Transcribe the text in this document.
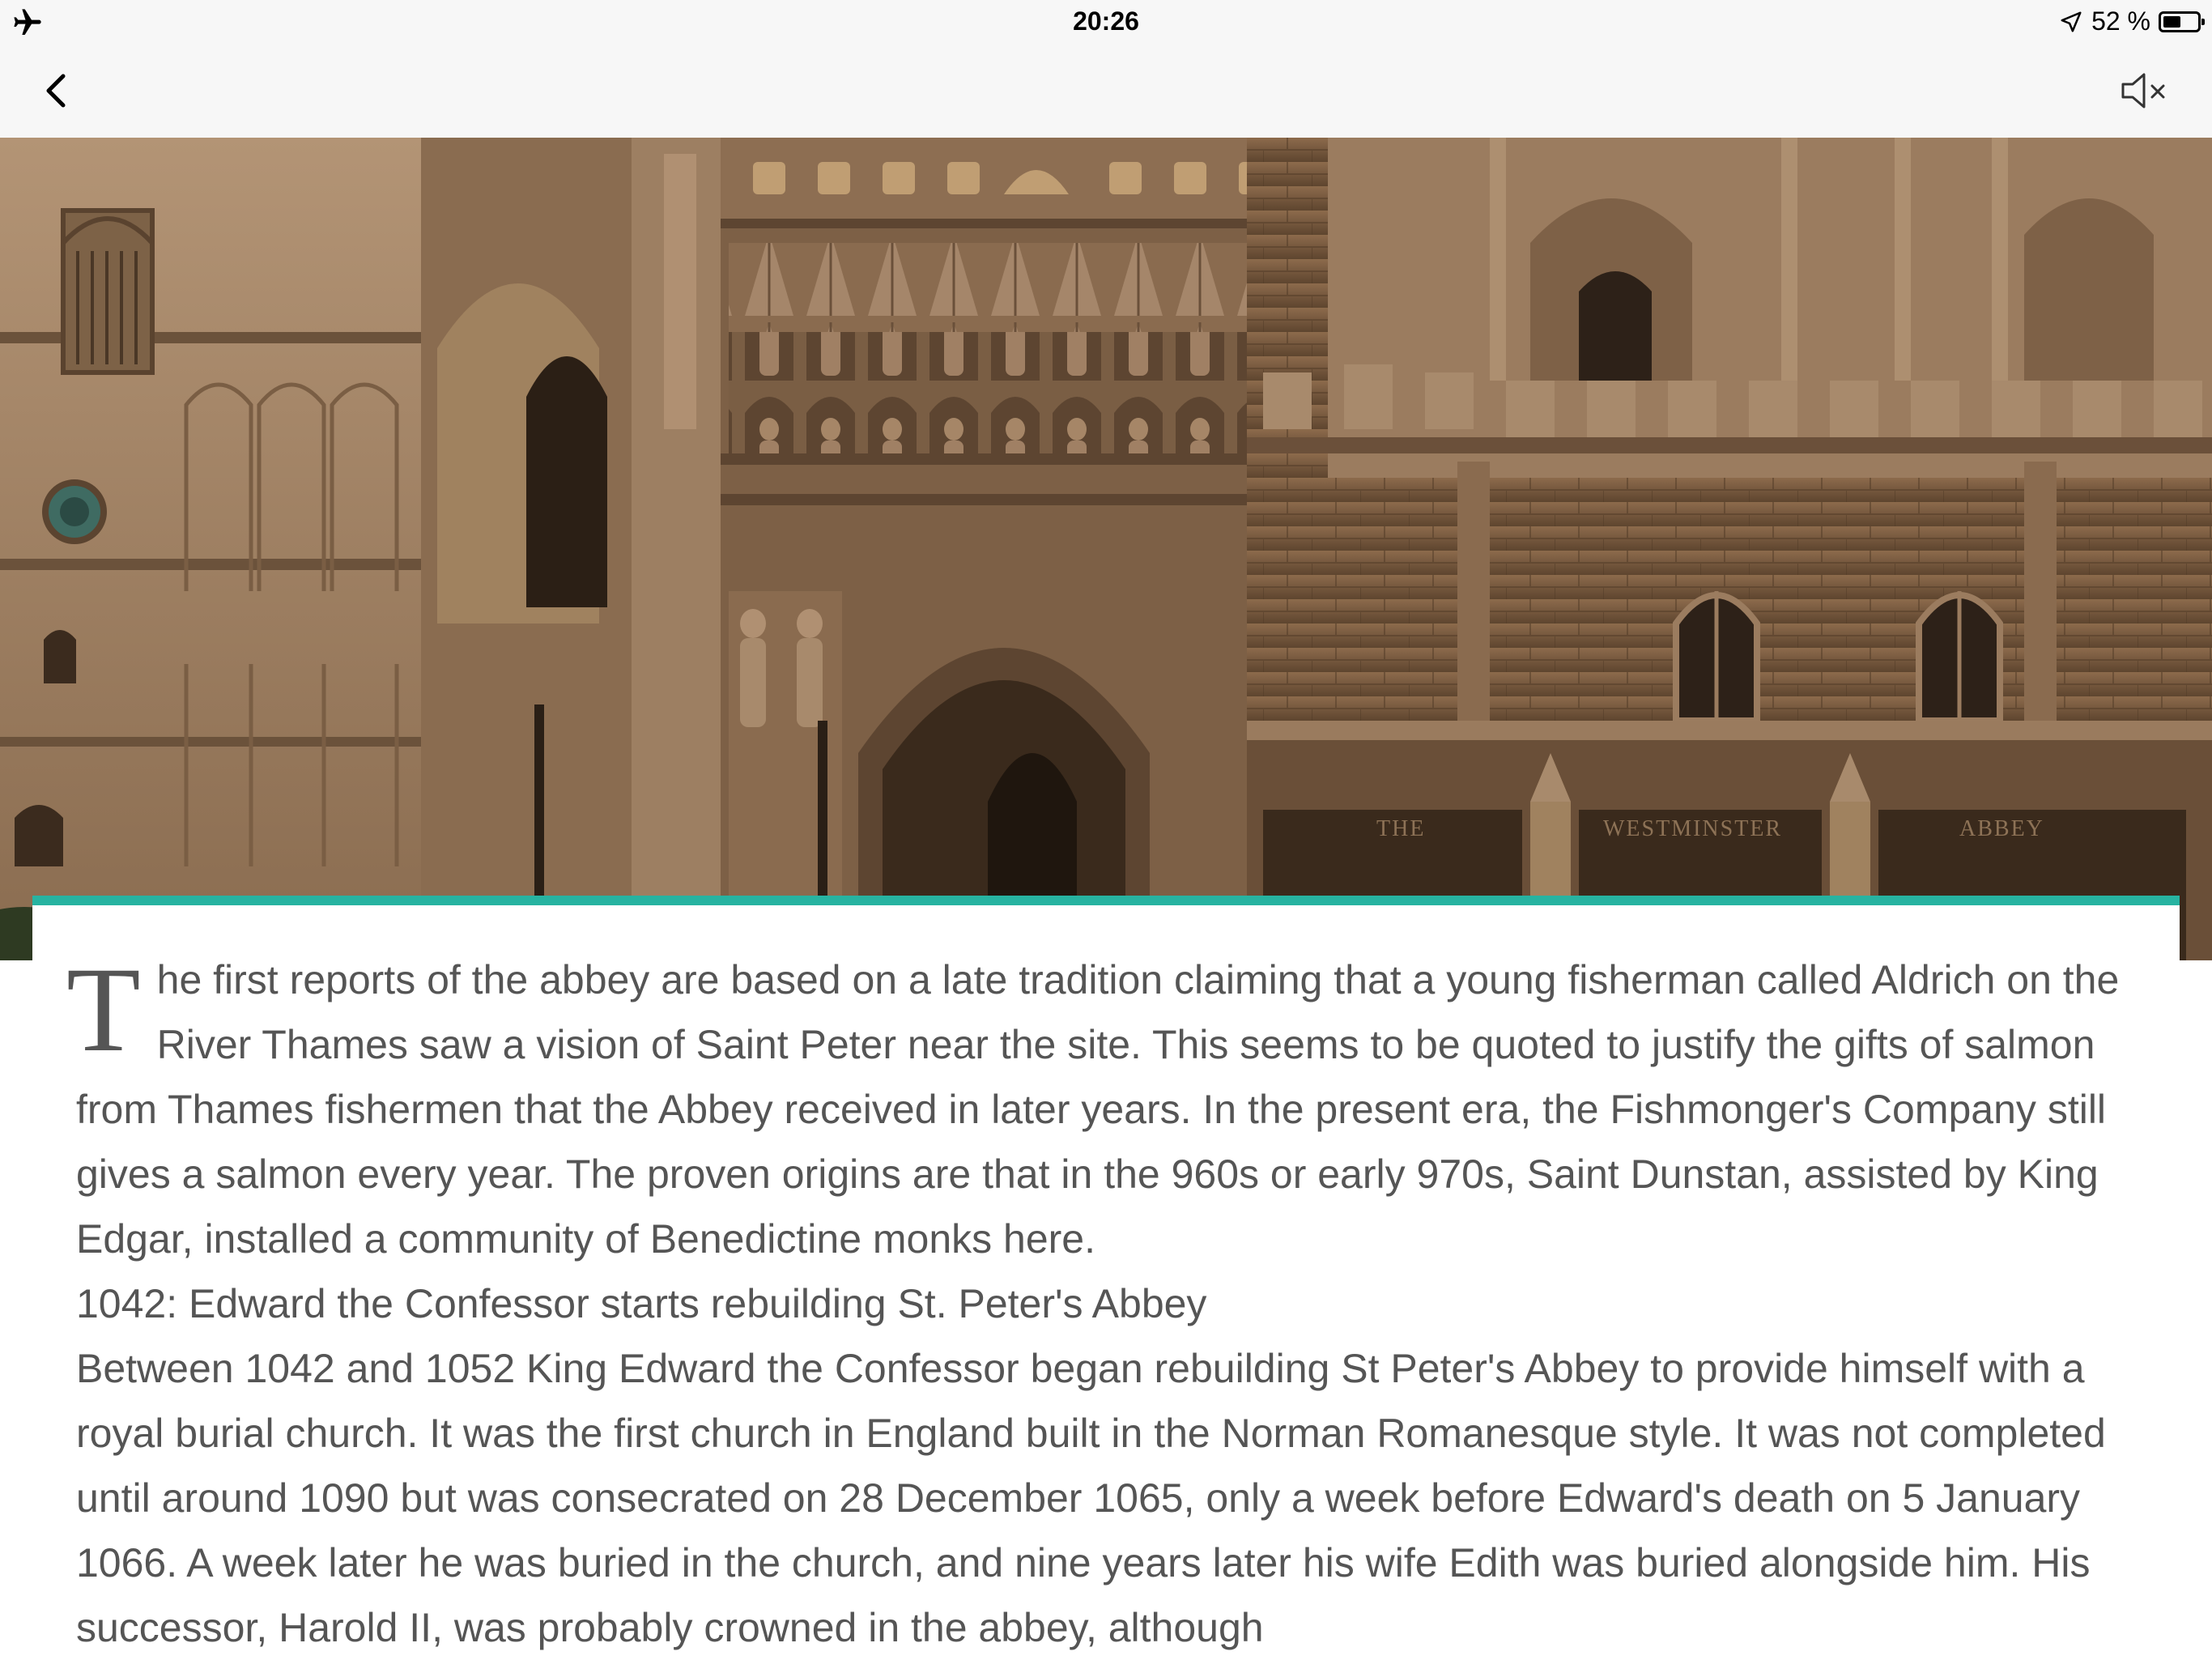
20:26	52 %
THE	WESTMINSTER	ABBEY

The first reports of the abbey are based on a late tradition claiming that a young fisherman called Aldrich on the River Thames saw a vision of Saint Peter near the site. This seems to be quoted to justify the gifts of salmon from Thames fishermen that the Abbey received in later years. In the present era, the Fishmonger's Company still gives a salmon every year. The proven origins are that in the 960s or early 970s, Saint Dunstan, assisted by King Edgar, installed a community of Benedictine monks here.

1042: Edward the Confessor starts rebuilding St. Peter's Abbey

Between 1042 and 1052 King Edward the Confessor began rebuilding St Peter's Abbey to provide himself with a royal burial church. It was the first church in England built in the Norman Romanesque style. It was not completed until around 1090 but was consecrated on 28 December 1065, only a week before Edward's death on 5 January 1066. A week later he was buried in the church, and nine years later his wife Edith was buried alongside him. His successor, Harold II, was probably crowned in the abbey, although
